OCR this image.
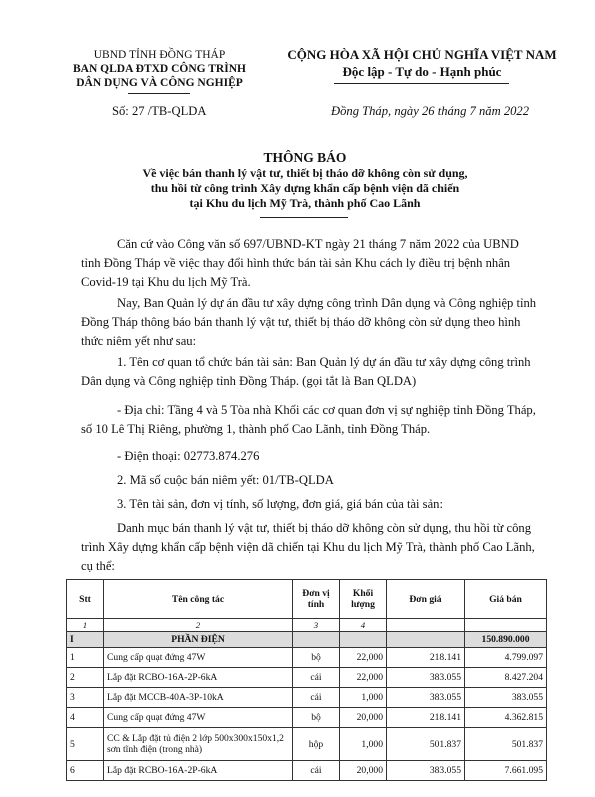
UBND TỈNH ĐỒNG THÁP
BAN QLDA ĐTXD CÔNG TRÌNH
DÂN DỤNG VÀ CÔNG NGHIỆP
CỘNG HÒA XÃ HỘI CHỦ NGHĨA VIỆT NAM
Độc lập - Tự do - Hạnh phúc
Số: 27 /TB-QLDA	Đồng Tháp, ngày 26 tháng 7 năm 2022
THÔNG BÁO
Về việc bán thanh lý vật tư, thiết bị tháo dỡ không còn sử dụng,
thu hồi từ công trình Xây dựng khẩn cấp bệnh viện dã chiến
tại Khu du lịch Mỹ Trà, thành phố Cao Lãnh

Căn cứ vào Công văn số 697/UBND-KT ngày 21 tháng 7 năm 2022 của UBND tỉnh Đồng Tháp về việc thay đổi hình thức bán tài sản Khu cách ly điều trị bệnh nhân Covid-19 tại Khu du lịch Mỹ Trà.

Nay, Ban Quản lý dự án đầu tư xây dựng công trình Dân dụng và Công nghiệp tỉnh Đồng Tháp thông báo bán thanh lý vật tư, thiết bị tháo dỡ không còn sử dụng theo hình thức niêm yết như sau:

1. Tên cơ quan tổ chức bán tài sản: Ban Quản lý dự án đầu tư xây dựng công trình Dân dụng và Công nghiệp tỉnh Đồng Tháp. (gọi tắt là Ban QLDA)

- Địa chỉ: Tầng 4 và 5 Tòa nhà Khối các cơ quan đơn vị sự nghiệp tỉnh Đồng Tháp, số 10 Lê Thị Riêng, phường 1, thành phố Cao Lãnh, tỉnh Đồng Tháp.

- Điện thoại: 02773.874.276

2. Mã số cuộc bán niêm yết: 01/TB-QLDA

3. Tên tài sản, đơn vị tính, số lượng, đơn giá, giá bán của tài sản:

Danh mục bán thanh lý vật tư, thiết bị tháo dỡ không còn sử dụng, thu hồi từ công trình Xây dựng khẩn cấp bệnh viện dã chiến tại Khu du lịch Mỹ Trà, thành phố Cao Lãnh, cụ thể:

Stt	Tên công tác	Đơn vị tính	Khối lượng	Đơn giá	Giá bán
1	2	3	4		
I	PHẦN ĐIỆN				150.890.000
1	Cung cấp quạt đứng 47W	bộ	22,000	218.141	4.799.097
2	Lắp đặt RCBO-16A-2P-6kA	cái	22,000	383.055	8.427.204
3	Lắp đặt MCCB-40A-3P-10kA	cái	1,000	383.055	383.055
4	Cung cấp quạt đứng 47W	bộ	20,000	218.141	4.362.815
5	CC & Lắp đặt tủ điện 2 lớp 500x300x150x1,2 sơn tĩnh điện (trong nhà)	hộp	1,000	501.837	501.837
6	Lắp đặt RCBO-16A-2P-6kA	cái	20,000	383.055	7.661.095
